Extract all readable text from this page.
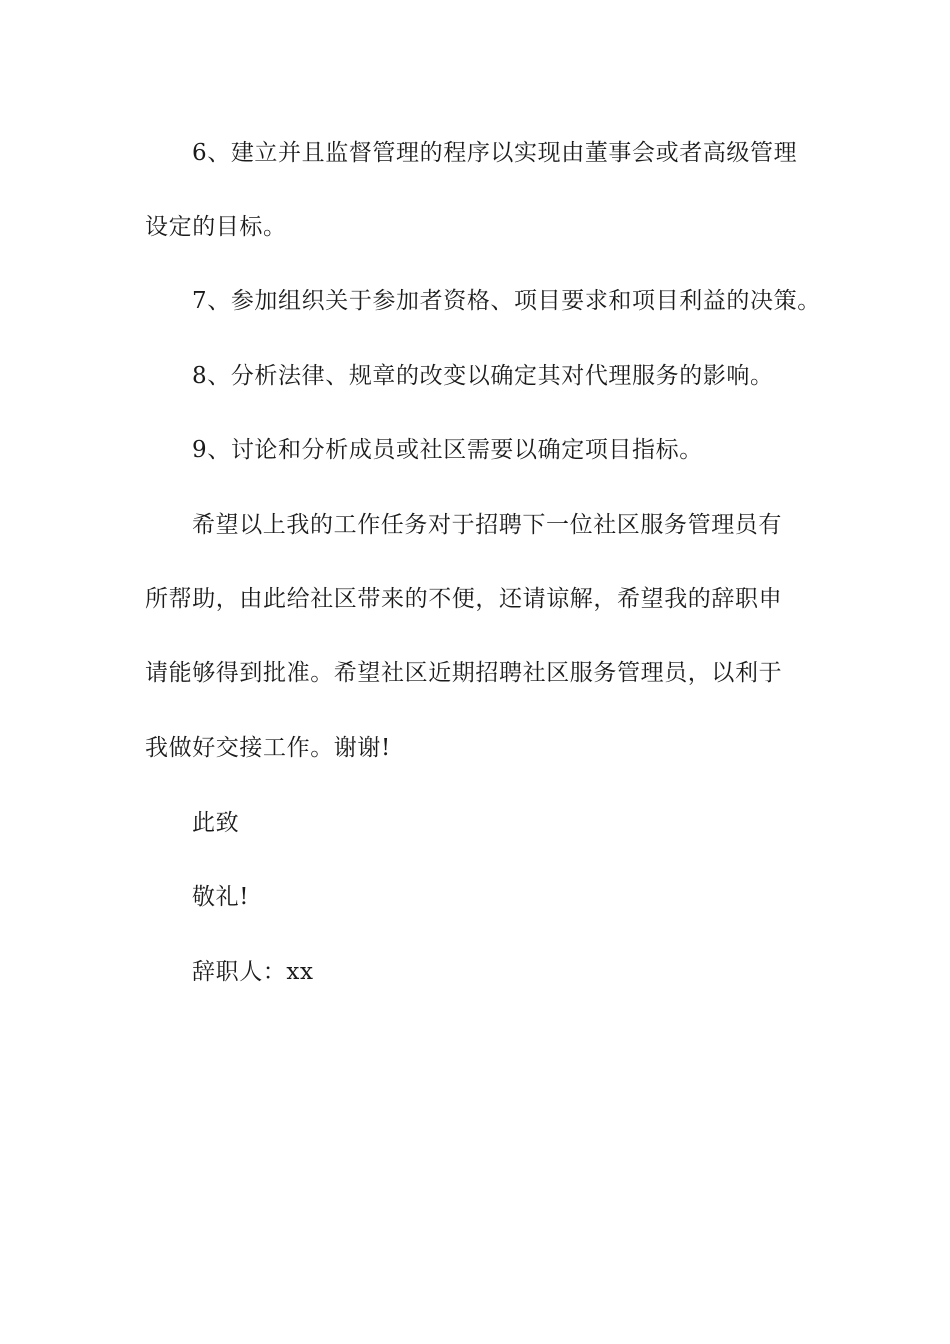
6、建立并且监督管理的程序以实现由董事会或者高级管理

设定的目标。

7、参加组织关于参加者资格、项目要求和项目利益的决策。

8、分析法律、规章的改变以确定其对代理服务的影响。

9、讨论和分析成员或社区需要以确定项目指标。

希望以上我的工作任务对于招聘下一位社区服务管理员有

所帮助，由此给社区带来的不便，还请谅解，希望我的辞职申

请能够得到批准。希望社区近期招聘社区服务管理员，以利于

我做好交接工作。谢谢!

此致

敬礼!

辞职人：xx
